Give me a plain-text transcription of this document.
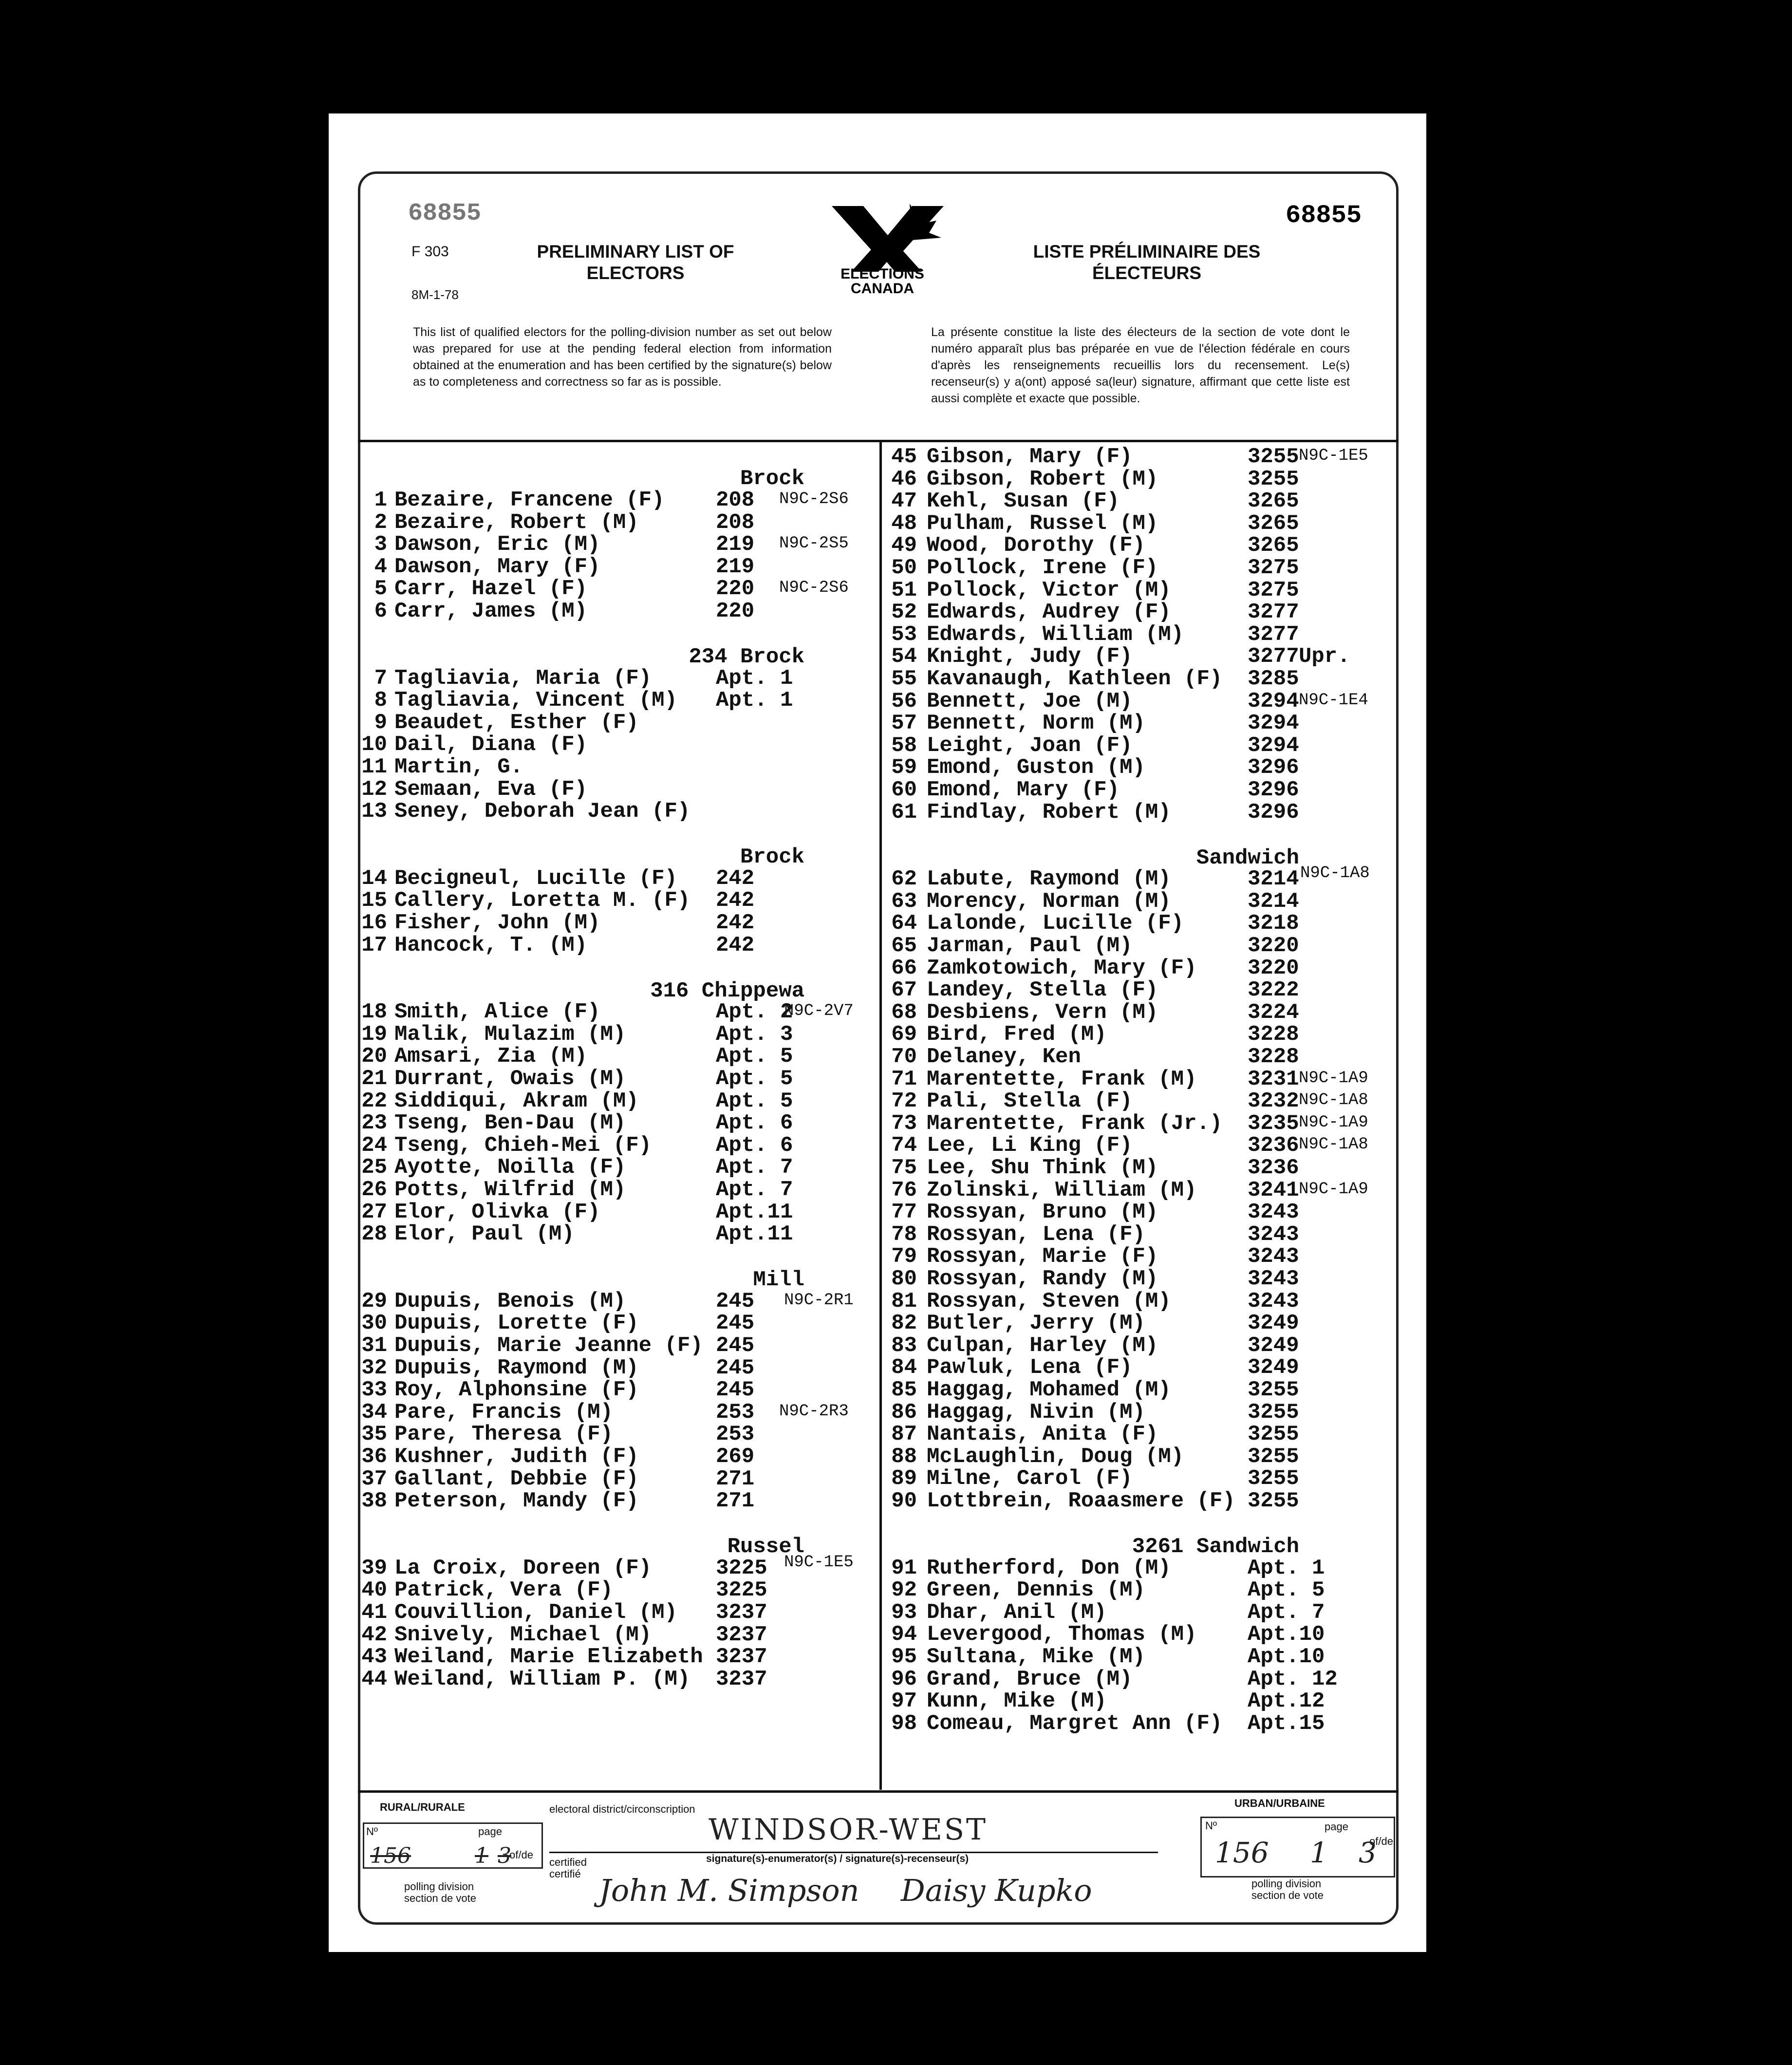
68855	68855
F 303
8M-1-78
PRELIMINARY LIST OF
ELECTORS
LISTE PRÉLIMINAIRE DES
ÉLECTEURS
ELECTIONS
CANADA
This list of qualified electors for the polling-division number as set out below was prepared for use at the pending federal election from information obtained at the enumeration and has been certified by the signature(s) below as to completeness and correctness so far as is possible.
La présente constitue la liste des électeurs de la section de vote dont le numéro apparaît plus bas préparée en vue de l'élection fédérale en cours d'après les renseignements recueillis lors du recensement. Le(s) recenseur(s) y a(ont) apposé sa(leur) signature, affirmant que cette liste est aussi complète et exacte que possible.
RURAL/RURALE	electoral district/circonscription	URBAN/URBAINE
Nº	page
of/de
156	1 3
polling division
section de vote
WINDSOR-WEST
certified
certifié
signature(s)-enumerator(s) / signature(s)-recenseur(s)
John M. Simpson Daisy Kupko
Nº	page
of/de
156 1 3
polling division
section de vote
Brock
1 Bezaire, Francene (F) 208 N9C-2S6
2 Bezaire, Robert (M)	208
3 Dawson, Eric (M)	219 N9C-2S5
4 Dawson, Mary (F)	219
5 Carr, Hazel (F)	220 N9C-2S6
6 Carr, James (M)	220
234 Brock
7 Tagliavia, Maria (F)	Apt. 1
8 Tagliavia, Vincent (M) Apt. 1
9 Beaudet, Esther (F)
10 Dail, Diana (F)
11 Martin, G.
12 Semaan, Eva (F)
13 Seney, Deborah Jean (F)
Brock
14 Becigneul, Lucille (F) 242
15 Callery, Loretta M. (F) 242
16 Fisher, John (M)	242
17 Hancock, T. (M)	242
316 Chippewa
N9C-2V7
18 Smith, Alice (F)	Apt. 2
19 Malik, Mulazim (M)	Apt. 3
20 Amsari, Zia (M)	Apt. 5
21 Durrant, Owais (M)	Apt. 5
22 Siddiqui, Akram (M)	Apt. 5
23 Tseng, Ben-Dau (M)	Apt. 6
24 Tseng, Chieh-Mei (F)	Apt. 6
25 Ayotte, Noilla (F)	Apt. 7
26 Potts, Wilfrid (M)	Apt. 7
27 Elor, Olivka (F)	Apt.11
28 Elor, Paul (M)	Apt.11
Mill
N9C-2R1
29 Dupuis, Benois (M)	245
30 Dupuis, Lorette (F)	245
31 Dupuis, Marie Jeanne (F) 245
32 Dupuis, Raymond (M)	245
33 Roy, Alphonsine (F)	245
34 Pare, Francis (M)	253 N9C-2R3
35 Pare, Theresa (F)	253
36 Kushner, Judith (F)	269
37 Gallant, Debbie (F)	271
38 Peterson, Mandy (F)	271
Russel
N9C-1E5
39 La Croix, Doreen (F)	3225
40 Patrick, Vera (F)	3225
41 Couvillion, Daniel (M) 3237
42 Snively, Michael (M)	3237
43 Weiland, Marie Elizabeth 3237
44 Weiland, William P. (M) 3237
45 Gibson, Mary (F)	3255 N9C-1E5
46 Gibson, Robert (M)	3255
47 Kehl, Susan (F)	3265
48 Pulham, Russel (M)	3265
49 Wood, Dorothy (F)	3265
50 Pollock, Irene (F)	3275
51 Pollock, Victor (M)	3275
52 Edwards, Audrey (F)	3277
53 Edwards, William (M)	3277
54 Knight, Judy (F)	3277 Upr.
55 Kavanaugh, Kathleen (F) 3285
56 Bennett, Joe (M)	3294 N9C-1E4
57 Bennett, Norm (M)	3294
58 Leight, Joan (F)	3294
59 Emond, Guston (M)	3296
60 Emond, Mary (F)	3296
61 Findlay, Robert (M)	3296
Sandwich
N9C-1A8
62 Labute, Raymond (M)	3214
63 Morency, Norman (M)	3214
64 Lalonde, Lucille (F)	3218
65 Jarman, Paul (M)	3220
66 Zamkotowich, Mary (F) 3220
67 Landey, Stella (F)	3222
68 Desbiens, Vern (M)	3224
69 Bird, Fred (M)	3228
70 Delaney, Ken	3228
71 Marentette, Frank (M) 3231 N9C-1A9
72 Pali, Stella (F)	3232 N9C-1A8
73 Marentette, Frank (Jr.) 3235 N9C-1A9
74 Lee, Li King (F)	3236 N9C-1A8
75 Lee, Shu Think (M)	3236
76 Zolinski, William (M) 3241 N9C-1A9
77 Rossyan, Bruno (M)	3243
78 Rossyan, Lena (F)	3243
79 Rossyan, Marie (F)	3243
80 Rossyan, Randy (M)	3243
81 Rossyan, Steven (M)	3243
82 Butler, Jerry (M)	3249
83 Culpan, Harley (M)	3249
84 Pawluk, Lena (F)	3249
85 Haggag, Mohamed (M)	3255
86 Haggag, Nivin (M)	3255
87 Nantais, Anita (F)	3255
88 McLaughlin, Doug (M)	3255
89 Milne, Carol (F)	3255
90 Lottbrein, Roaasmere (F) 3255
3261 Sandwich
91 Rutherford, Don (M)	Apt. 1
92 Green, Dennis (M)	Apt. 5
93 Dhar, Anil (M)	Apt. 7
94 Levergood, Thomas (M) Apt.10
95 Sultana, Mike (M)	Apt.10
96 Grand, Bruce (M)	Apt. 12
97 Kunn, Mike (M)	Apt.12
98 Comeau, Margret Ann (F) Apt.15
